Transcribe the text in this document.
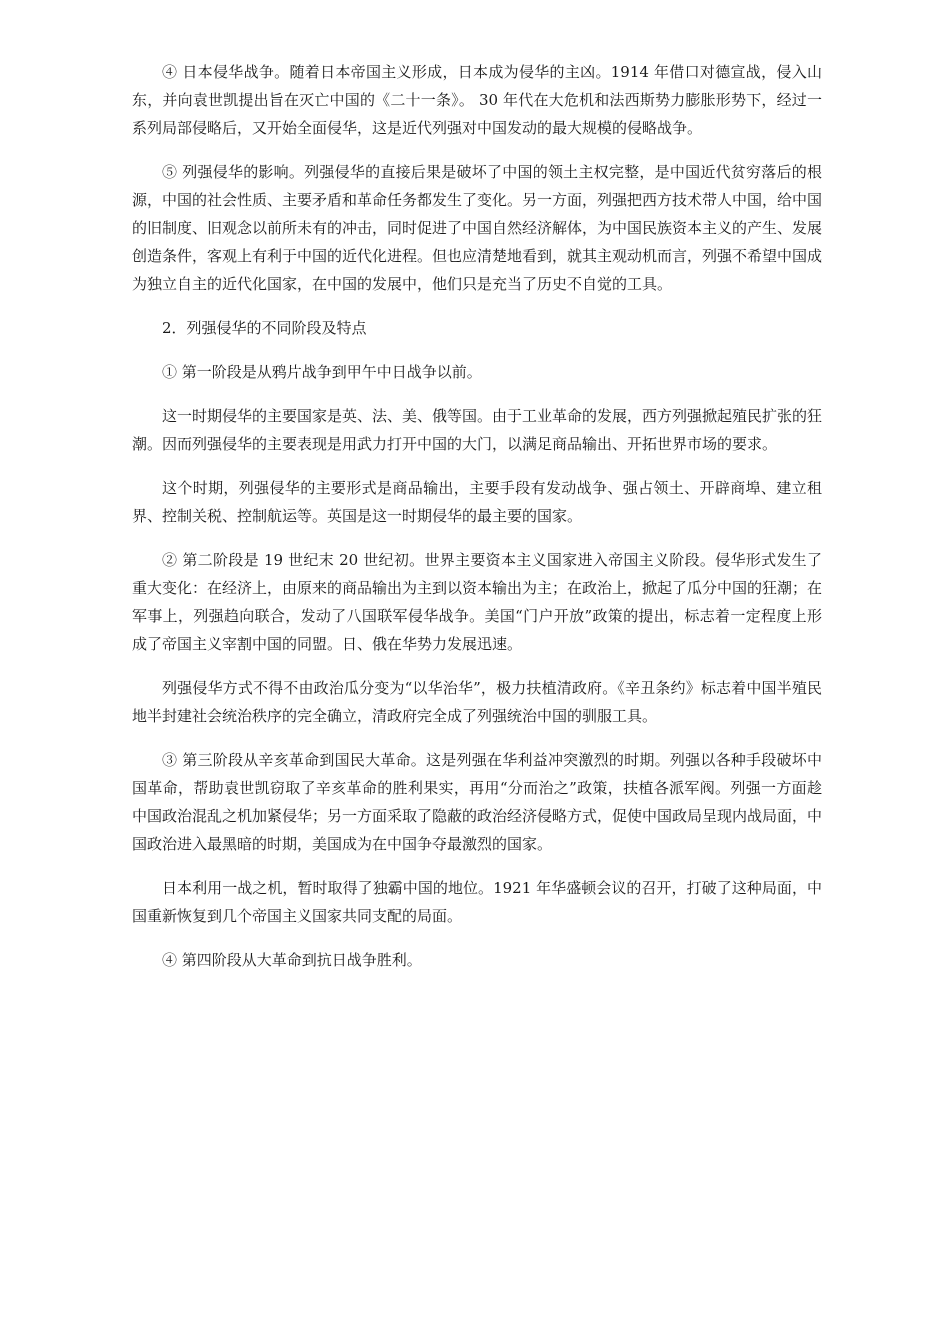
④ 日本侵华战争。随着日本帝国主义形成，日本成为侵华的主凶。1914 年借口对德宣战，侵入山东，并向袁世凯提出旨在灭亡中国的《二十一条》。 30 年代在大危机和法西斯势力膨胀形势下，经过一系列局部侵略后，又开始全面侵华，这是近代列强对中国发动的最大规模的侵略战争。

⑤ 列强侵华的影响。列强侵华的直接后果是破坏了中国的领土主权完整，是中国近代贫穷落后的根源，中国的社会性质、主要矛盾和革命任务都发生了变化。另一方面，列强把西方技术带人中国，给中国的旧制度、旧观念以前所未有的冲击，同时促进了中国自然经济解体，为中国民族资本主义的产生、发展创造条件，客观上有利于中国的近代化进程。但也应清楚地看到，就其主观动机而言，列强不希望中国成为独立自主的近代化国家，在中国的发展中，他们只是充当了历史不自觉的工具。

2．列强侵华的不同阶段及特点

① 第一阶段是从鸦片战争到甲午中日战争以前。

这一时期侵华的主要国家是英、法、美、俄等国。由于工业革命的发展，西方列强掀起殖民扩张的狂潮。因而列强侵华的主要表现是用武力打开中国的大门，以满足商品输出、开拓世界市场的要求。

这个时期，列强侵华的主要形式是商品输出，主要手段有发动战争、强占领土、开辟商埠、建立租界、控制关税、控制航运等。英国是这一时期侵华的最主要的国家。

② 第二阶段是 19 世纪末 20 世纪初。世界主要资本主义国家进入帝国主义阶段。侵华形式发生了重大变化：在经济上，由原来的商品输出为主到以资本输出为主；在政治上，掀起了瓜分中国的狂潮；在军事上，列强趋向联合，发动了八国联军侵华战争。美国“门户开放”政策的提出，标志着一定程度上形成了帝国主义宰割中国的同盟。日、俄在华势力发展迅速。

列强侵华方式不得不由政治瓜分变为“以华治华”，极力扶植清政府。《辛丑条约》标志着中国半殖民地半封建社会统治秩序的完全确立，清政府完全成了列强统治中国的驯服工具。

③ 第三阶段从辛亥革命到国民大革命。这是列强在华利益冲突激烈的时期。列强以各种手段破坏中国革命，帮助袁世凯窃取了辛亥革命的胜利果实，再用“分而治之”政策，扶植各派军阀。列强一方面趁中国政治混乱之机加紧侵华；另一方面采取了隐蔽的政治经济侵略方式，促使中国政局呈现内战局面，中国政治进入最黑暗的时期，美国成为在中国争夺最激烈的国家。

日本利用一战之机，暂时取得了独霸中国的地位。1921 年华盛顿会议的召开，打破了这种局面，中国重新恢复到几个帝国主义国家共同支配的局面。

④ 第四阶段从大革命到抗日战争胜利。
